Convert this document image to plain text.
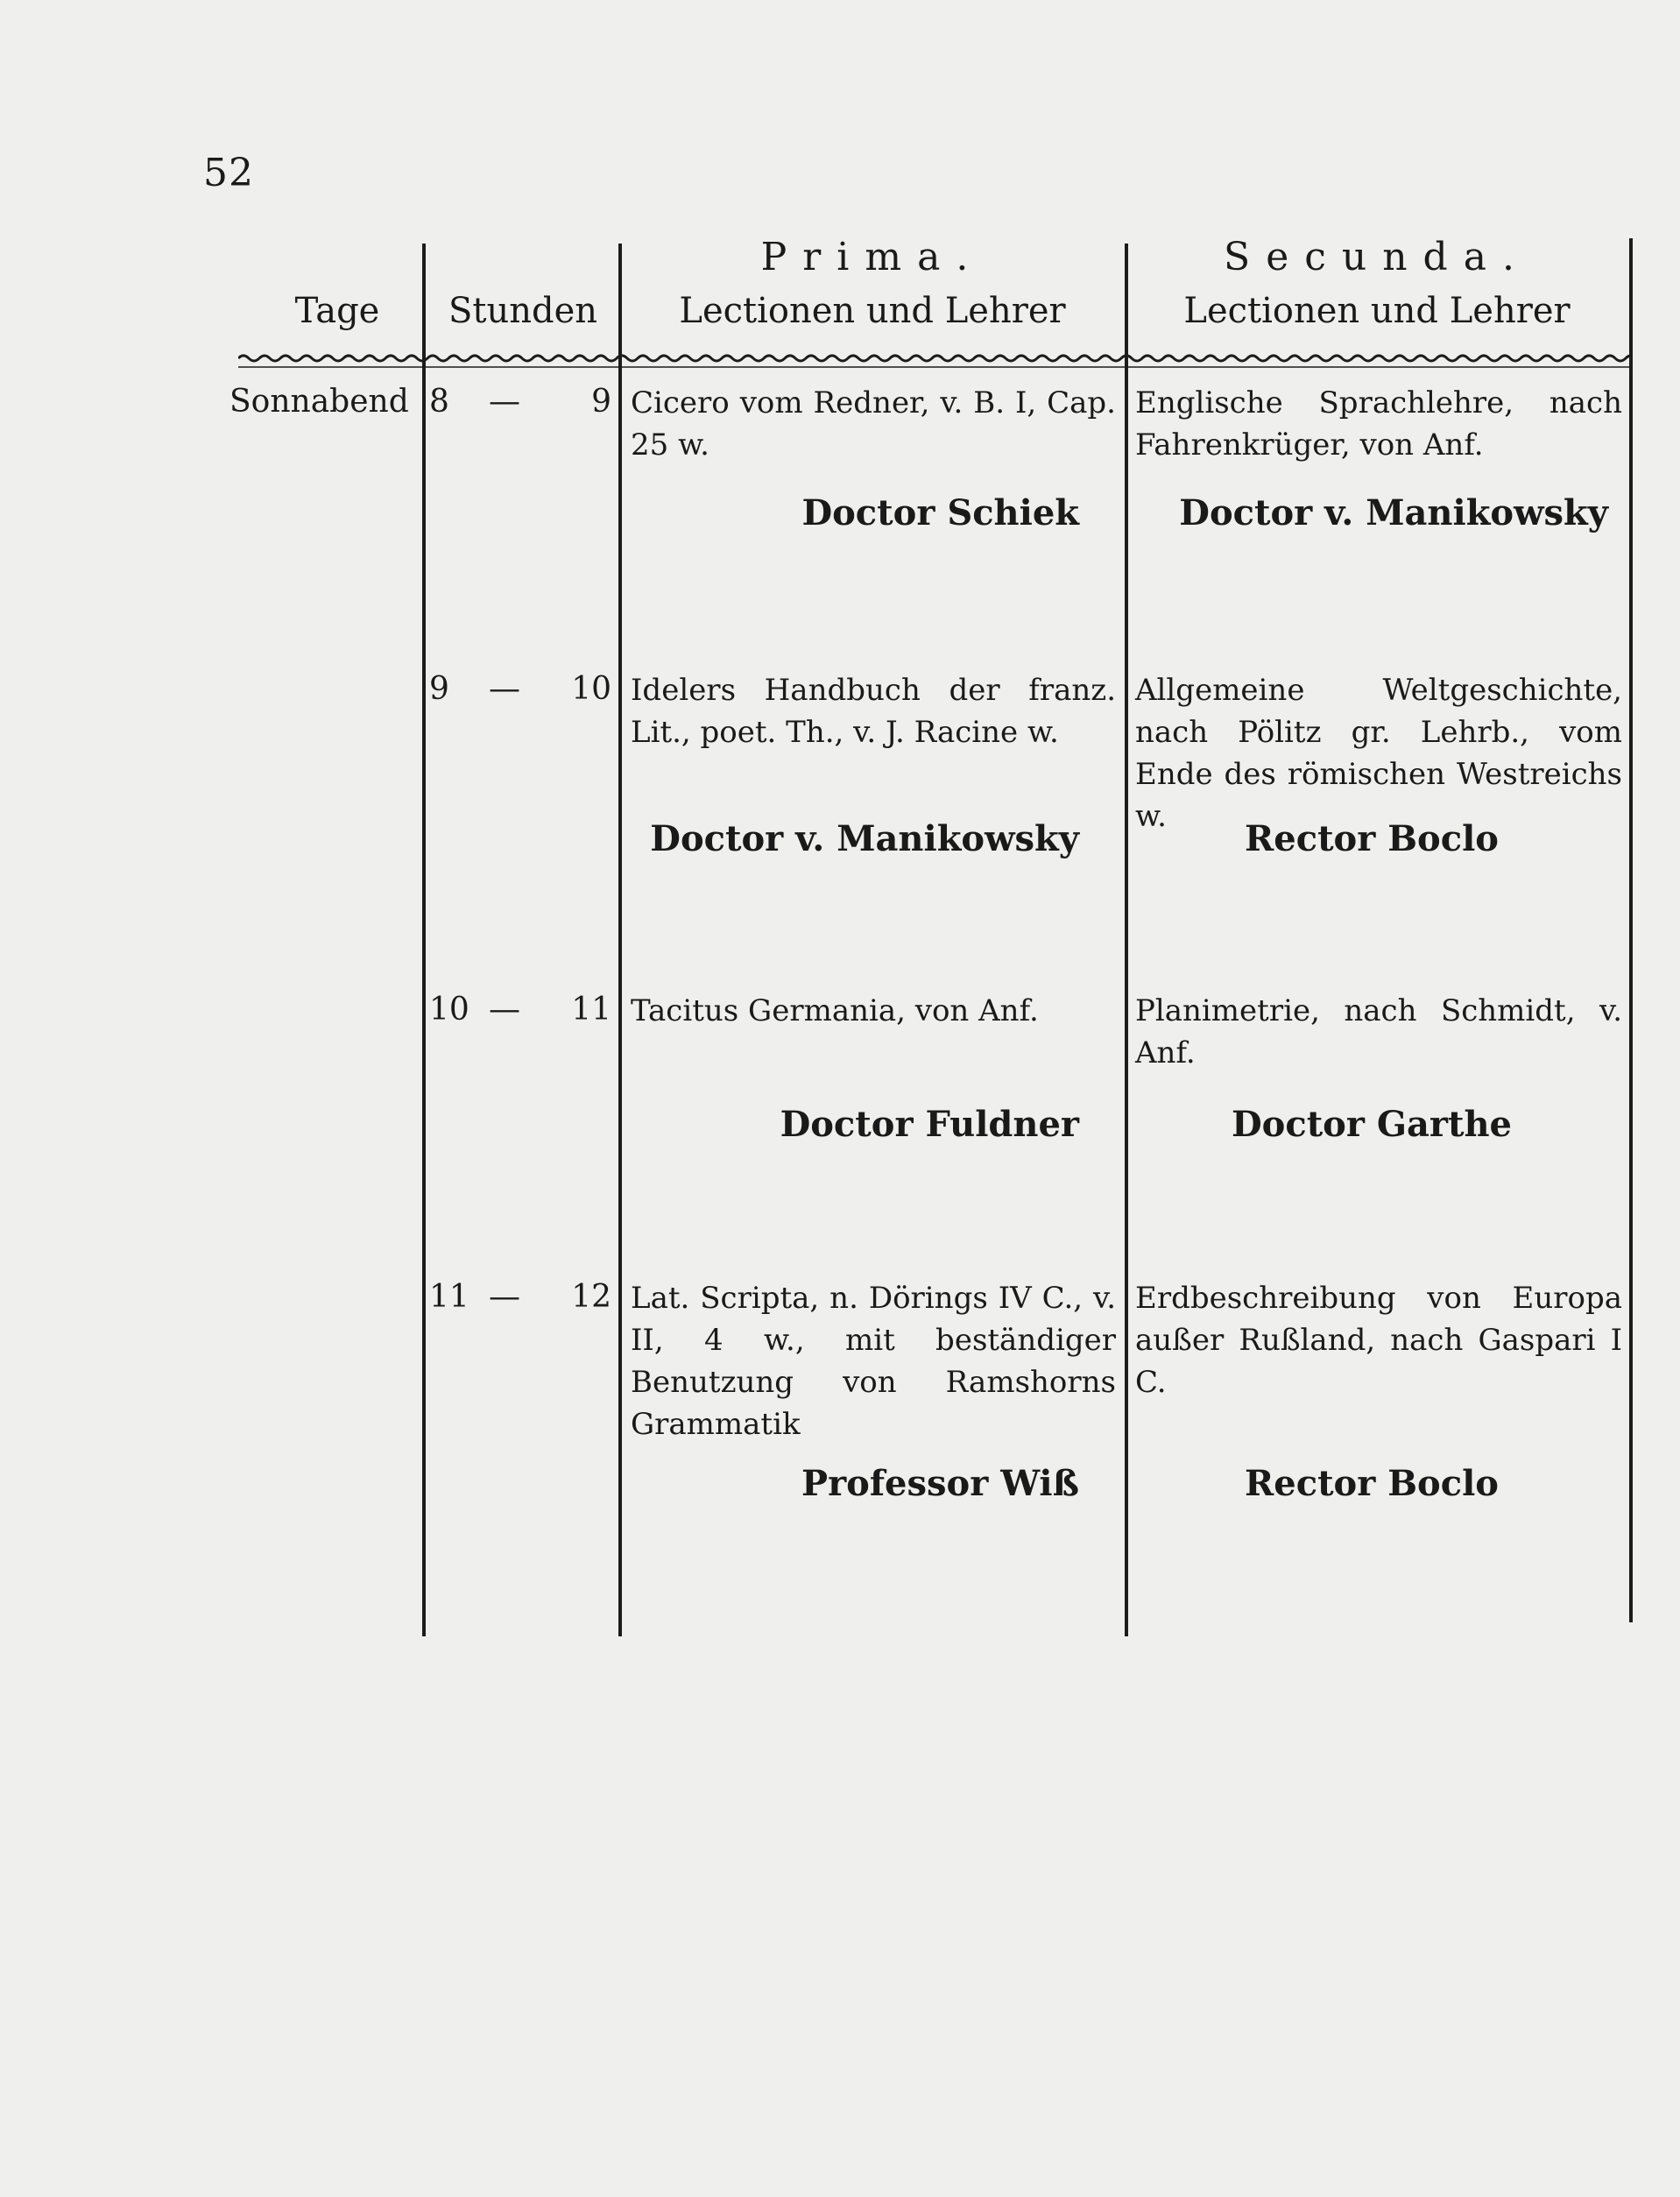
52
Tage	Stunden
Prima.
Lectionen und Lehrer
Secunda.
Lectionen und Lehrer
Sonnabend 8 — 9 Cicero vom Redner, v. B. I, Cap. 25 w.
Doctor Schiek
Englische Sprachlehre, nach Fahrenkrüger, von Anf.
Doctor v. Manikowsky
9 — 10 Idelers Handbuch der franz. Lit., poet. Th., v. J. Racine w.
Doctor v. Manikowsky
Allgemeine Weltgeschichte, nach Pölitz gr. Lehrb., vom Ende des römischen Westreichs w.
Rector Boclo
10 — 11 Tacitus Germania, von Anf.
Doctor Fuldner
Planimetrie, nach Schmidt, v. Anf.
Doctor Garthe
11 — 12 Lat. Scripta, n. Dörings IV C., v. II, 4 w., mit beständiger Benutzung von Ramshorns Grammatik
Professor Wiß
Erdbeschreibung von Europa außer Rußland, nach Gaspari I C.
Rector Boclo
